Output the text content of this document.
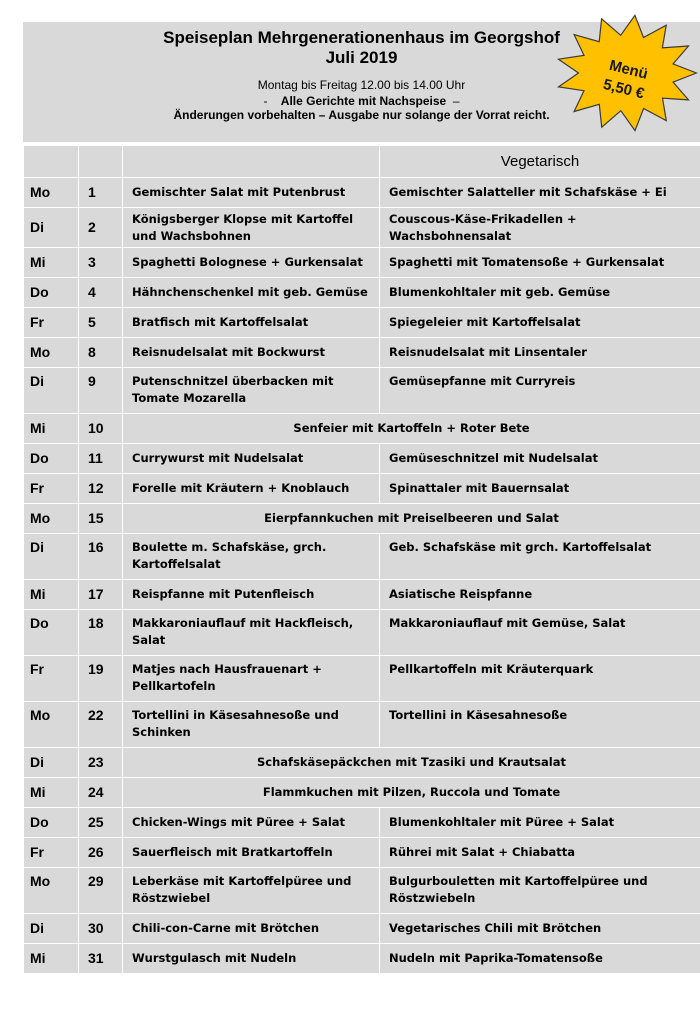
Speiseplan Mehrgenerationenhaus im Georgshof
Juli 2019
Montag bis Freitag 12.00 bis 14.00 Uhr
- Alle Gerichte mit Nachspeise –
Änderungen vorbehalten – Ausgabe nur solange der Vorrat reicht.
Menü
5,50 €
			Vegetarisch
Mo	1	Gemischter Salat mit Putenbrust	Gemischter Salatteller mit Schafskäse + Ei
Di	2	Königsberger Klopse mit Kartoffel und Wachsbohnen	Couscous-Käse-Frikadellen + Wachsbohnensalat
Mi	3	Spaghetti Bolognese + Gurkensalat	Spaghetti mit Tomatensoße + Gurkensalat
Do	4	Hähnchenschenkel mit geb. Gemüse	Blumenkohltaler mit geb. Gemüse
Fr	5	Bratfisch mit Kartoffelsalat	Spiegeleier mit Kartoffelsalat
Mo	8	Reisnudelsalat mit Bockwurst	Reisnudelsalat mit Linsentaler
Di	9	Putenschnitzel überbacken mit Tomate Mozarella	Gemüsepfanne mit Curryreis
Mi	10	Senfeier mit Kartoffeln + Roter Bete	
Do	11	Currywurst mit Nudelsalat	Gemüseschnitzel mit Nudelsalat
Fr	12	Forelle mit Kräutern + Knoblauch	Spinattaler mit Bauernsalat
Mo	15	Eierpfannkuchen mit Preiselbeeren und Salat	
Di	16	Boulette m. Schafskäse, grch. Kartoffelsalat	Geb. Schafskäse mit grch. Kartoffelsalat
Mi	17	Reispfanne mit Putenfleisch	Asiatische Reispfanne
Do	18	Makkaroniauflauf mit Hackfleisch, Salat	Makkaroniauflauf mit Gemüse, Salat
Fr	19	Matjes nach Hausfrauenart + Pellkartofeln	Pellkartoffeln mit Kräuterquark
Mo	22	Tortellini in Käsesahnesoße und Schinken	Tortellini in Käsesahnesoße
Di	23	Schafskäsepäckchen mit Tzasiki und Krautsalat	
Mi	24	Flammkuchen mit Pilzen, Ruccola und Tomate	
Do	25	Chicken-Wings mit Püree + Salat	Blumenkohltaler mit Püree + Salat
Fr	26	Sauerfleisch mit Bratkartoffeln	Rührei mit Salat + Chiabatta
Mo	29	Leberkäse mit Kartoffelpüree und Röstzwiebel	Bulgurbouletten mit Kartoffelpüree und Röstzwiebeln
Di	30	Chili-con-Carne mit Brötchen	Vegetarisches Chili mit Brötchen
Mi	31	Wurstgulasch mit Nudeln	Nudeln mit Paprika-Tomatensoße
